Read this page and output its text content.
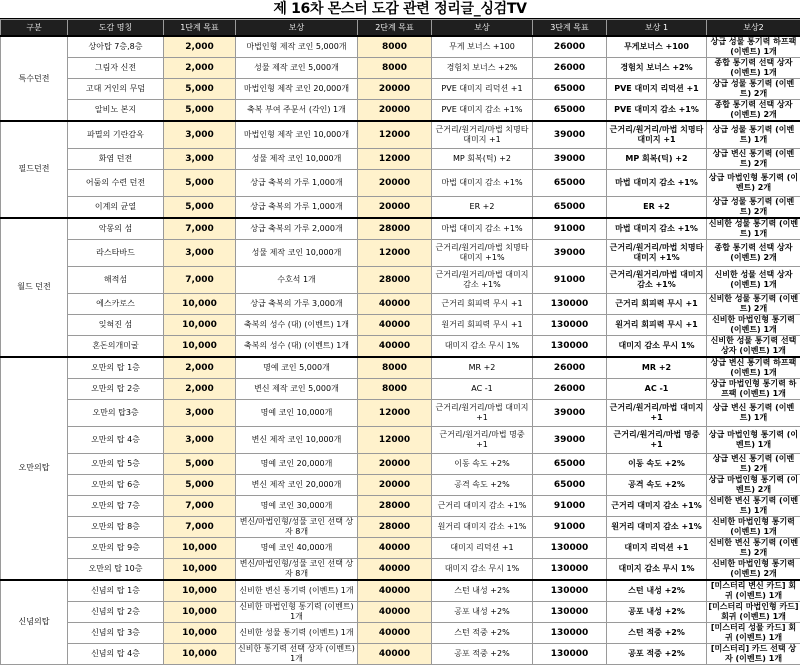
제 16차 몬스터 도감 관련 정리글_싱검TV
구분	도감 명칭	1단계 목표	보상	2단계 목표	보상	3단계 목표	보상 1	보상2
특수던전	상아탑 7층,8층	2,000	마법인형 제작 코인 5,000개	8000	무게 보너스 +100	26000	무게보너스 +100	상급 성물 통기력 하프팩 (이벤트) 1개
	그림자 신전	2,000	성물 제작 코인 5,000개	8000	경험치 보너스 +2%	26000	경험치 보너스 +2%	종합 통기력 선택 상자 (이벤트) 1개
	고대 거인의 무덤	5,000	마법인형 제작 코인 20,000개	20000	PVE 대미지 리덕션 +1	65000	PVE 대미지 리덕션 +1	상급 성물 통기력 (이벤트) 2개
	알비노 본지	5,000	축복 부여 주문서 (각인) 1개	20000	PVE 대미지 감소 +1%	65000	PVE 대미지 감소 +1%	종합 통기력 선택 상자 (이벤트) 2개
필드던전	파멸의 기란감옥	3,000	마법인형 제작 코인 10,000개	12000	근거리/원거리/마법 치명타 대미지 +1	39000	근거리/원거리/마법 치명타 대미지 +1	상급 성물 통기력 (이벤트) 1개
	화염 던전	3,000	성물 제작 코인 10,000개	12000	MP 회복(틱) +2	39000	MP 회복(틱) +2	상급 변신 통기력 (이벤트) 2개
	어둠의 수련 던전	5,000	상급 축복의 가루 1,000개	20000	마법 대미지 감소 +1%	65000	마법 대미지 감소 +1%	상급 마법인형 통기력 (이벤트) 2개
	이계의 균열	5,000	상급 축복의 가루 1,000개	20000	ER +2	65000	ER +2	상급 성물 통기력 (이벤트) 2개
월드 던전	악몽의 섬	7,000	상급 축복의 가루 2,000개	28000	마법 대미지 감소 +1%	91000	마법 대미지 감소 +1%	신비한 성물 통기력 (이벤트) 1개
	라스타바드	3,000	성물 제작 코인 10,000개	12000	근거리/원거리/마법 치명타 대미지 +1%	39000	근거리/원거리/마법 치명타 대미지 +1%	종합 통기력 선택 상자 (이벤트) 2개
	해적섬	7,000	수호석 1개	28000	근거리/원거리/마법 대미지 감소 +1%	91000	근거리/원거리/마법 대미지 감소 +1%	신비한 성물 선택 상자 (이벤트) 1개
	에스카로스	10,000	상급 축복의 가루 3,000개	40000	근거리 회피력 무시 +1	130000	근거리 회피력 무시 +1	신비한 성물 통기력 (이벤트) 2개
	잊혀진 섬	10,000	축복의 성수 (대) (이벤트) 1개	40000	원거리 회피력 무시 +1	130000	원거리 회피력 무시 +1	신비한 마법인형 통기력 (이벤트) 1개
	혼돈의개미굴	10,000	축복의 성수 (대) (이벤트) 1개	40000	대미지 감소 무시 1%	130000	대미지 감소 무시 1%	신비한 성물 통기력 선택 상자 (이벤트) 1개
오만의탑	오만의 탑 1층	2,000	명예 코인 5,000개	8000	MR +2	26000	MR +2	상급 변신 통기력 하프팩 (이벤트) 1개
	오만의 탑 2층	2,000	변신 제작 코인 5,000개	8000	AC -1	26000	AC -1	상급 마법인형 통기력 하프팩 (이벤트) 1개
	오만의 탑3층	3,000	명예 코인 10,000개	12000	근거리/원거리/마법 대미지 +1	39000	근거리/원거리/마법 대미지 +1	상급 변신 통기력 (이벤트) 1개
	오만의 탑 4층	3,000	변신 제작 코인 10,000개	12000	근거리/원거리/마법 명중 +1	39000	근거리/원거리/마법 명중 +1	상급 마법인형 통기력 (이벤트) 1개
	오만의 탑 5층	5,000	명예 코인 20,000개	20000	이동 속도 +2%	65000	이동 속도 +2%	상급 변신 통기력 (이벤트) 2개
	오만의 탑 6층	5,000	변신 제작 코인 20,000개	20000	공격 속도 +2%	65000	공격 속도 +2%	상급 마법인형 통기력 (이벤트) 2개
	오만의 탑 7층	7,000	명예 코인 30,000개	28000	근거리 대미지 감소 +1%	91000	근거리 대미지 감소 +1%	신비한 변신 통기력 (이벤트) 1개
	오만의 탑 8층	7,000	변신/마법인형/성물 코인 선택 상자 8개	28000	원거리 대미지 감소 +1%	91000	원거리 대미지 감소 +1%	신비한 마법인형 통기력 (이벤트) 1개
	오만의 탑 9층	10,000	명예 코인 40,000개	40000	대미지 리덕션 +1	130000	대미지 리덕션 +1	신비한 변신 통기력 (이벤트) 2개
	오만의 탑 10층	10,000	변신/마법인형/성물 코인 선택 상자 8개	40000	대미지 감소 무시 1%	130000	대미지 감소 무시 1%	신비한 마법인형 통기력 (이벤트) 2개
신념의탑	신념의 탑 1층	10,000	신비한 변신 통기력 (이벤트) 1개	40000	스턴 내성 +2%	130000	스턴 내성 +2%	[미스터리 변신 카드] 회귀 (이벤트) 1개
	신념의 탑 2층	10,000	신비한 마법인형 통기력 (이벤트) 1개	40000	공포 내성 +2%	130000	공포 내성 +2%	[미스터리 마법인형 카드] 회귀 (이벤트) 1개
	신념의 탑 3층	10,000	신비한 성물 통기력 (이벤트) 1개	40000	스턴 적중 +2%	130000	스턴 적중 +2%	[미스터리 성물 카드] 회귀 (이벤트) 1개
	신념의 탑 4층	10,000	신비한 통기력 선택 상자 (이벤트) 1개	40000	공포 적중 +2%	130000	공포 적중 +2%	[미스터리] 카드 선택 상자 (이벤트) 1개
